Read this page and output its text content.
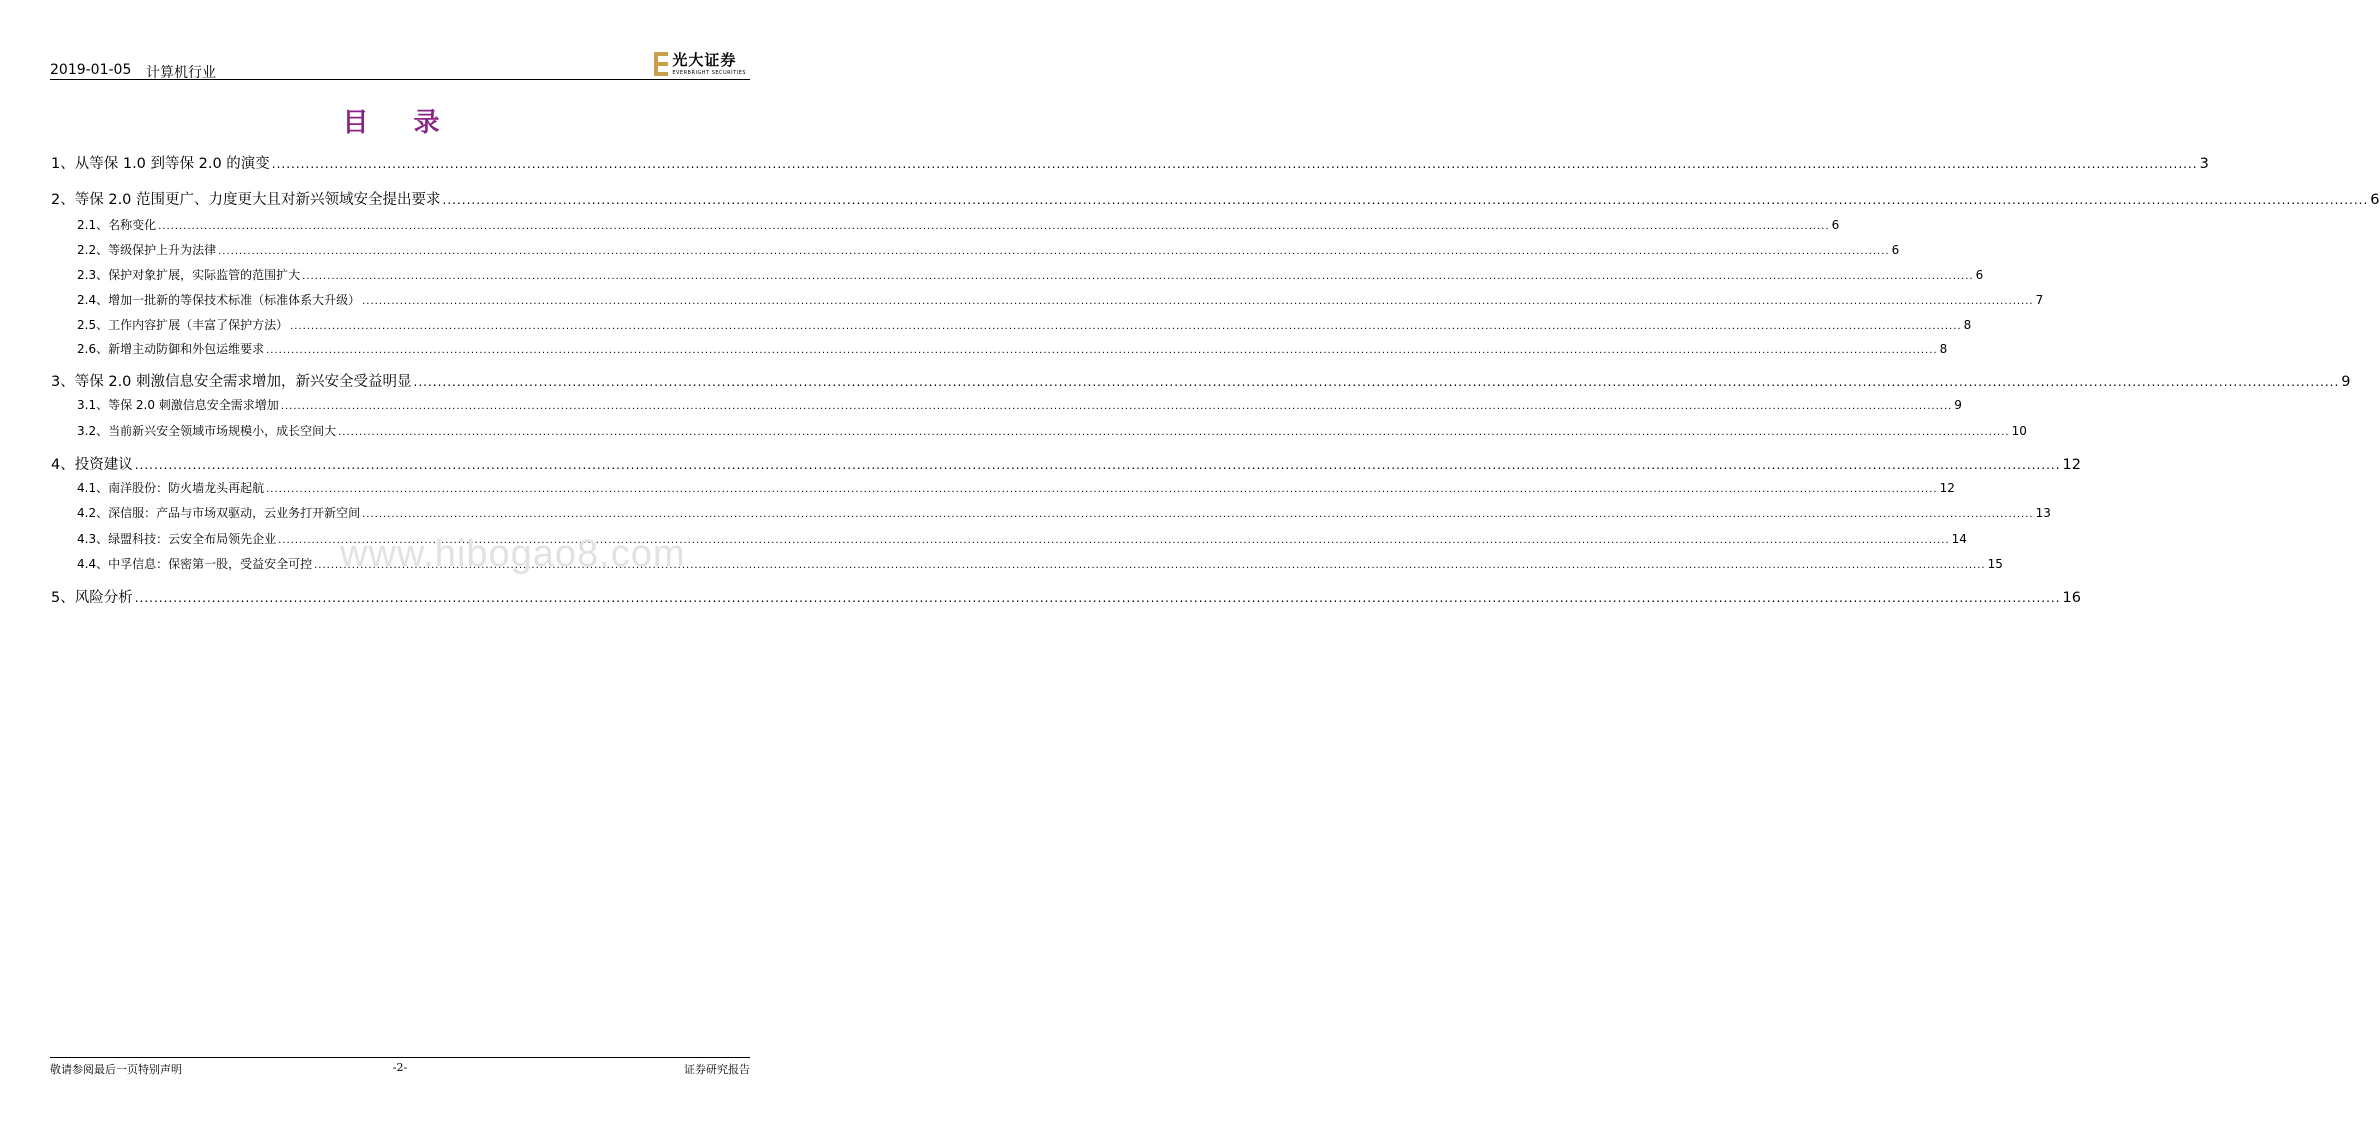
2019-01-05 计算机行业
光大证券
EVERBRIGHT SECURITIES
目 录
1、 从等保 1.0 到等保 2.0 的演变 ................................................................................................................................................................................................................................................................................................................................................................................................................ 3
2、 等保 2.0 范围更广、力度更大且对新兴领域安全提出要求 ................................................................................................................................................................................................................................................................................................................................................................................................................ 6
2.1、 名称变化 ................................................................................................................................................................................................................................................................................................................................................................................................................ 6
2.2、 等级保护上升为法律 ................................................................................................................................................................................................................................................................................................................................................................................................................ 6
2.3、 保护对象扩展，实际监管的范围扩大 ................................................................................................................................................................................................................................................................................................................................................................................................................ 6
2.4、 增加一批新的等保技术标准（标准体系大升级） ................................................................................................................................................................................................................................................................................................................................................................................................................ 7
2.5、 工作内容扩展（丰富了保护方法） ................................................................................................................................................................................................................................................................................................................................................................................................................ 8
2.6、 新增主动防御和外包运维要求 ................................................................................................................................................................................................................................................................................................................................................................................................................ 8
3、 等保 2.0 刺激信息安全需求增加，新兴安全受益明显 ................................................................................................................................................................................................................................................................................................................................................................................................................ 9
3.1、 等保 2.0 刺激信息安全需求增加 ................................................................................................................................................................................................................................................................................................................................................................................................................ 9
3.2、 当前新兴安全领域市场规模小，成长空间大 ................................................................................................................................................................................................................................................................................................................................................................................................................ 10
4、 投资建议 ................................................................................................................................................................................................................................................................................................................................................................................................................ 12
4.1、 南洋股份：防火墙龙头再起航 ................................................................................................................................................................................................................................................................................................................................................................................................................ 12
4.2、 深信服：产品与市场双驱动，云业务打开新空间 ................................................................................................................................................................................................................................................................................................................................................................................................................ 13
4.3、 绿盟科技：云安全布局领先企业 ................................................................................................................................................................................................................................................................................................................................................................................................................ 14
4.4、 中孚信息：保密第一股，受益安全可控 ................................................................................................................................................................................................................................................................................................................................................................................................................ 15
5、 风险分析 ................................................................................................................................................................................................................................................................................................................................................................................................................ 16
www.hibogao8.com
敬请参阅最后一页特别声明	-2-	证券研究报告
